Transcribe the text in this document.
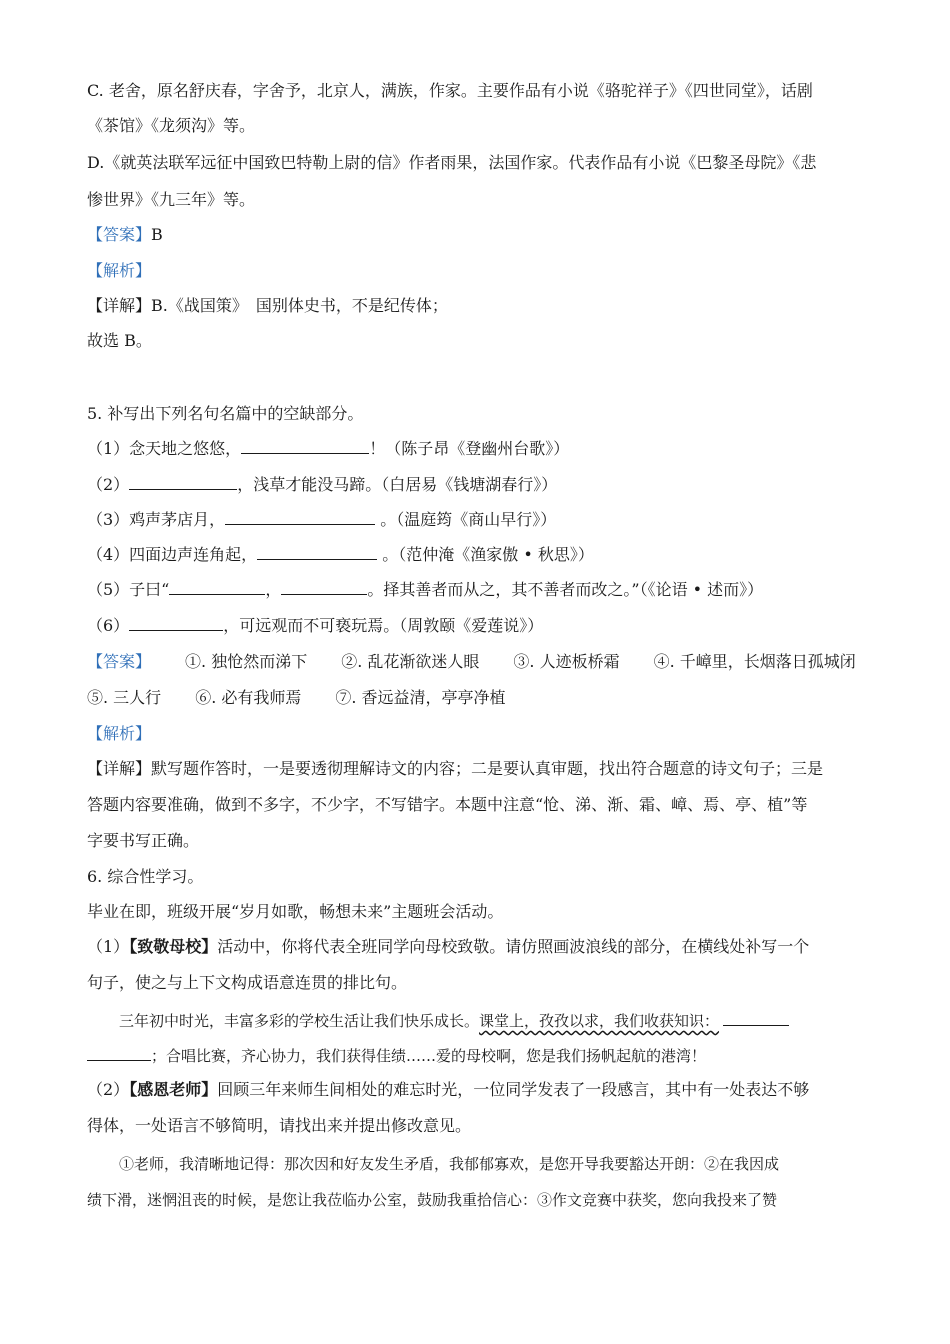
C. 老舍，原名舒庆春，字舍予，北京人，满族，作家。主要作品有小说《骆驼祥子》《四世同堂》，话剧
《茶馆》《龙须沟》等。
D.《就英法联军远征中国致巴特勒上尉的信》作者雨果，法国作家。代表作品有小说《巴黎圣母院》《悲
惨世界》《九三年》等。
【答案】B
【解析】
【详解】B.《战国策》　国别体史书，不是纪传体；
故选 B。
5. 补写出下列名句名篇中的空缺部分。
（1）念天地之悠悠，	！（陈子昂《登幽州台歌》）
（2）	，浅草才能没马蹄。（白居易《钱塘湖春行》）
（3）鸡声茅店月，	。（温庭筠《商山早行》）
（4）四面边声连角起，	。（范仲淹《渔家傲 • 秋思》）
（5）子曰“	，	。择其善者而从之，其不善者而改之。”（《论语 • 述而》）
（6）	，可远观而不可亵玩焉。（周敦颐《爱莲说》）
【答案】 ①. 独怆然而涕下 ②. 乱花渐欲迷人眼 ③. 人迹板桥霜 ④. 千嶂里，长烟落日孤城闭
⑤. 三人行 ⑥. 必有我师焉 ⑦. 香远益清，亭亭净植
【解析】
【详解】默写题作答时，一是要透彻理解诗文的内容；二是要认真审题，找出符合题意的诗文句子；三是
答题内容要准确，做到不多字，不少字，不写错字。本题中注意“怆、涕、渐、霜、嶂、焉、亭、植”等
字要书写正确。
6. 综合性学习。
毕业在即，班级开展“岁月如歌，畅想未来”主题班会活动。
（1）【致敬母校】活动中，你将代表全班同学向母校致敬。请仿照画波浪线的部分，在横线处补写一个
句子，使之与上下文构成语意连贯的排比句。
三年初中时光，丰富多彩的学校生活让我们快乐成长。课堂上，孜孜以求，我们收获知识：
；合唱比赛，齐心协力，我们获得佳绩……爱的母校啊，您是我们扬帆起航的港湾！
（2）【感恩老师】回顾三年来师生间相处的难忘时光，一位同学发表了一段感言，其中有一处表达不够
得体，一处语言不够简明，请找出来并提出修改意见。
①老师，我清晰地记得：那次因和好友发生矛盾，我郁郁寡欢，是您开导我要豁达开朗：②在我因成
绩下滑，迷惘沮丧的时候，是您让我莅临办公室，鼓励我重拾信心：③作文竞赛中获奖，您向我投来了赞
